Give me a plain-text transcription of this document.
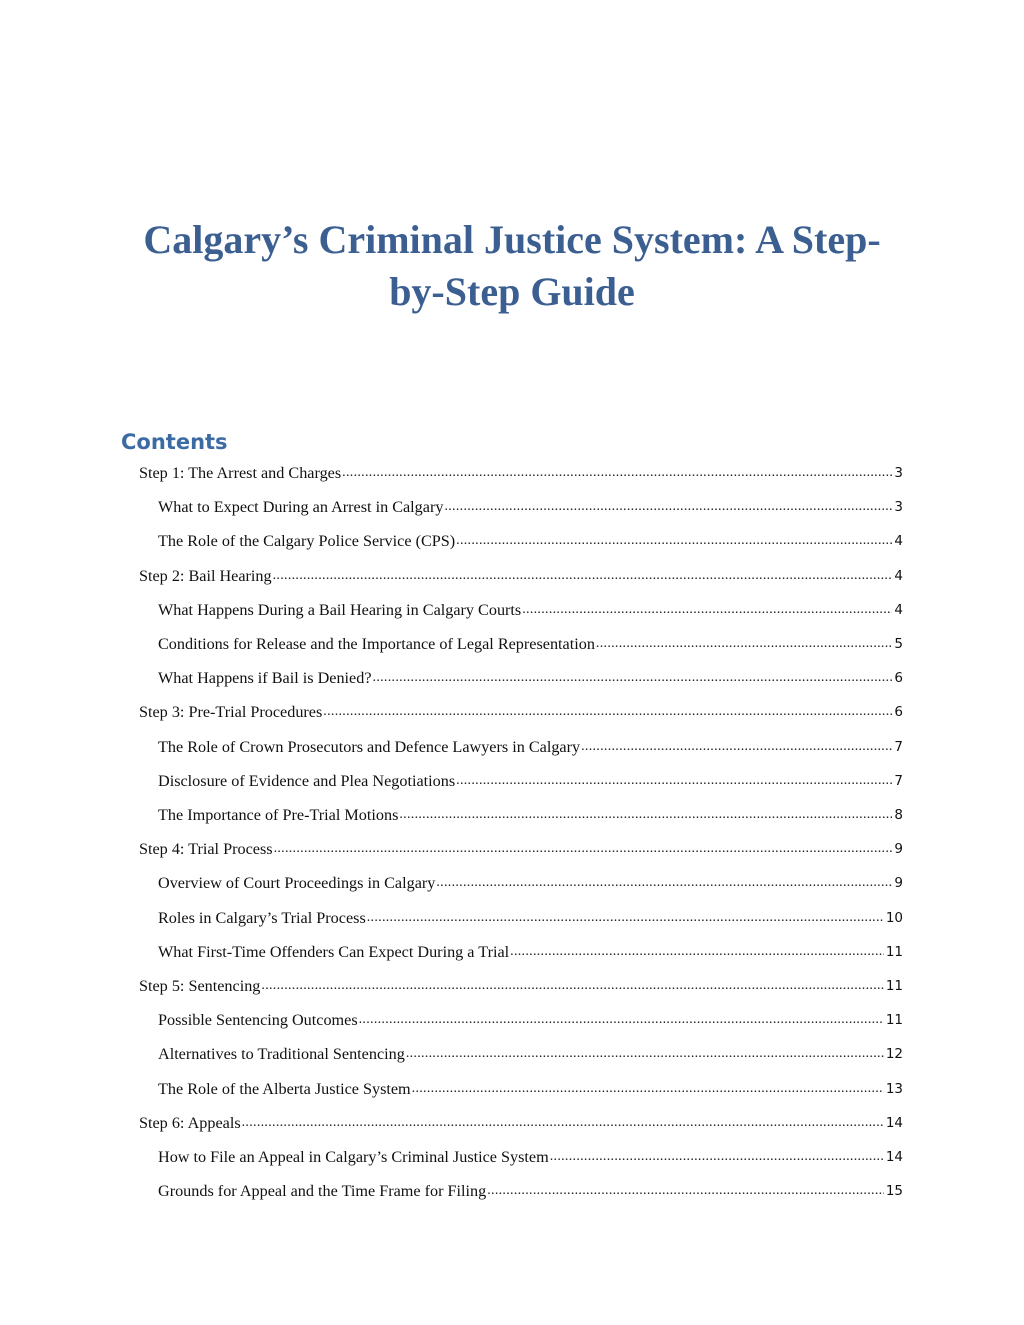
Calgary’s Criminal Justice System: A Step-by-Step Guide
Contents
Step 1: The Arrest and Charges .....	3
What to Expect During an Arrest in Calgary .....	3
The Role of the Calgary Police Service (CPS) .....	4
Step 2: Bail Hearing .....	4
What Happens During a Bail Hearing in Calgary Courts .....	4
Conditions for Release and the Importance of Legal Representation .....	5
What Happens if Bail is Denied? .....	6
Step 3: Pre-Trial Procedures .....	6
The Role of Crown Prosecutors and Defence Lawyers in Calgary .....	7
Disclosure of Evidence and Plea Negotiations .....	7
The Importance of Pre-Trial Motions .....	8
Step 4: Trial Process .....	9
Overview of Court Proceedings in Calgary .....	9
Roles in Calgary’s Trial Process .....	10
What First-Time Offenders Can Expect During a Trial .....	11
Step 5: Sentencing .....	11
Possible Sentencing Outcomes .....	11
Alternatives to Traditional Sentencing .....	12
The Role of the Alberta Justice System .....	13
Step 6: Appeals .....	14
How to File an Appeal in Calgary’s Criminal Justice System .....	14
Grounds for Appeal and the Time Frame for Filing .....	15
